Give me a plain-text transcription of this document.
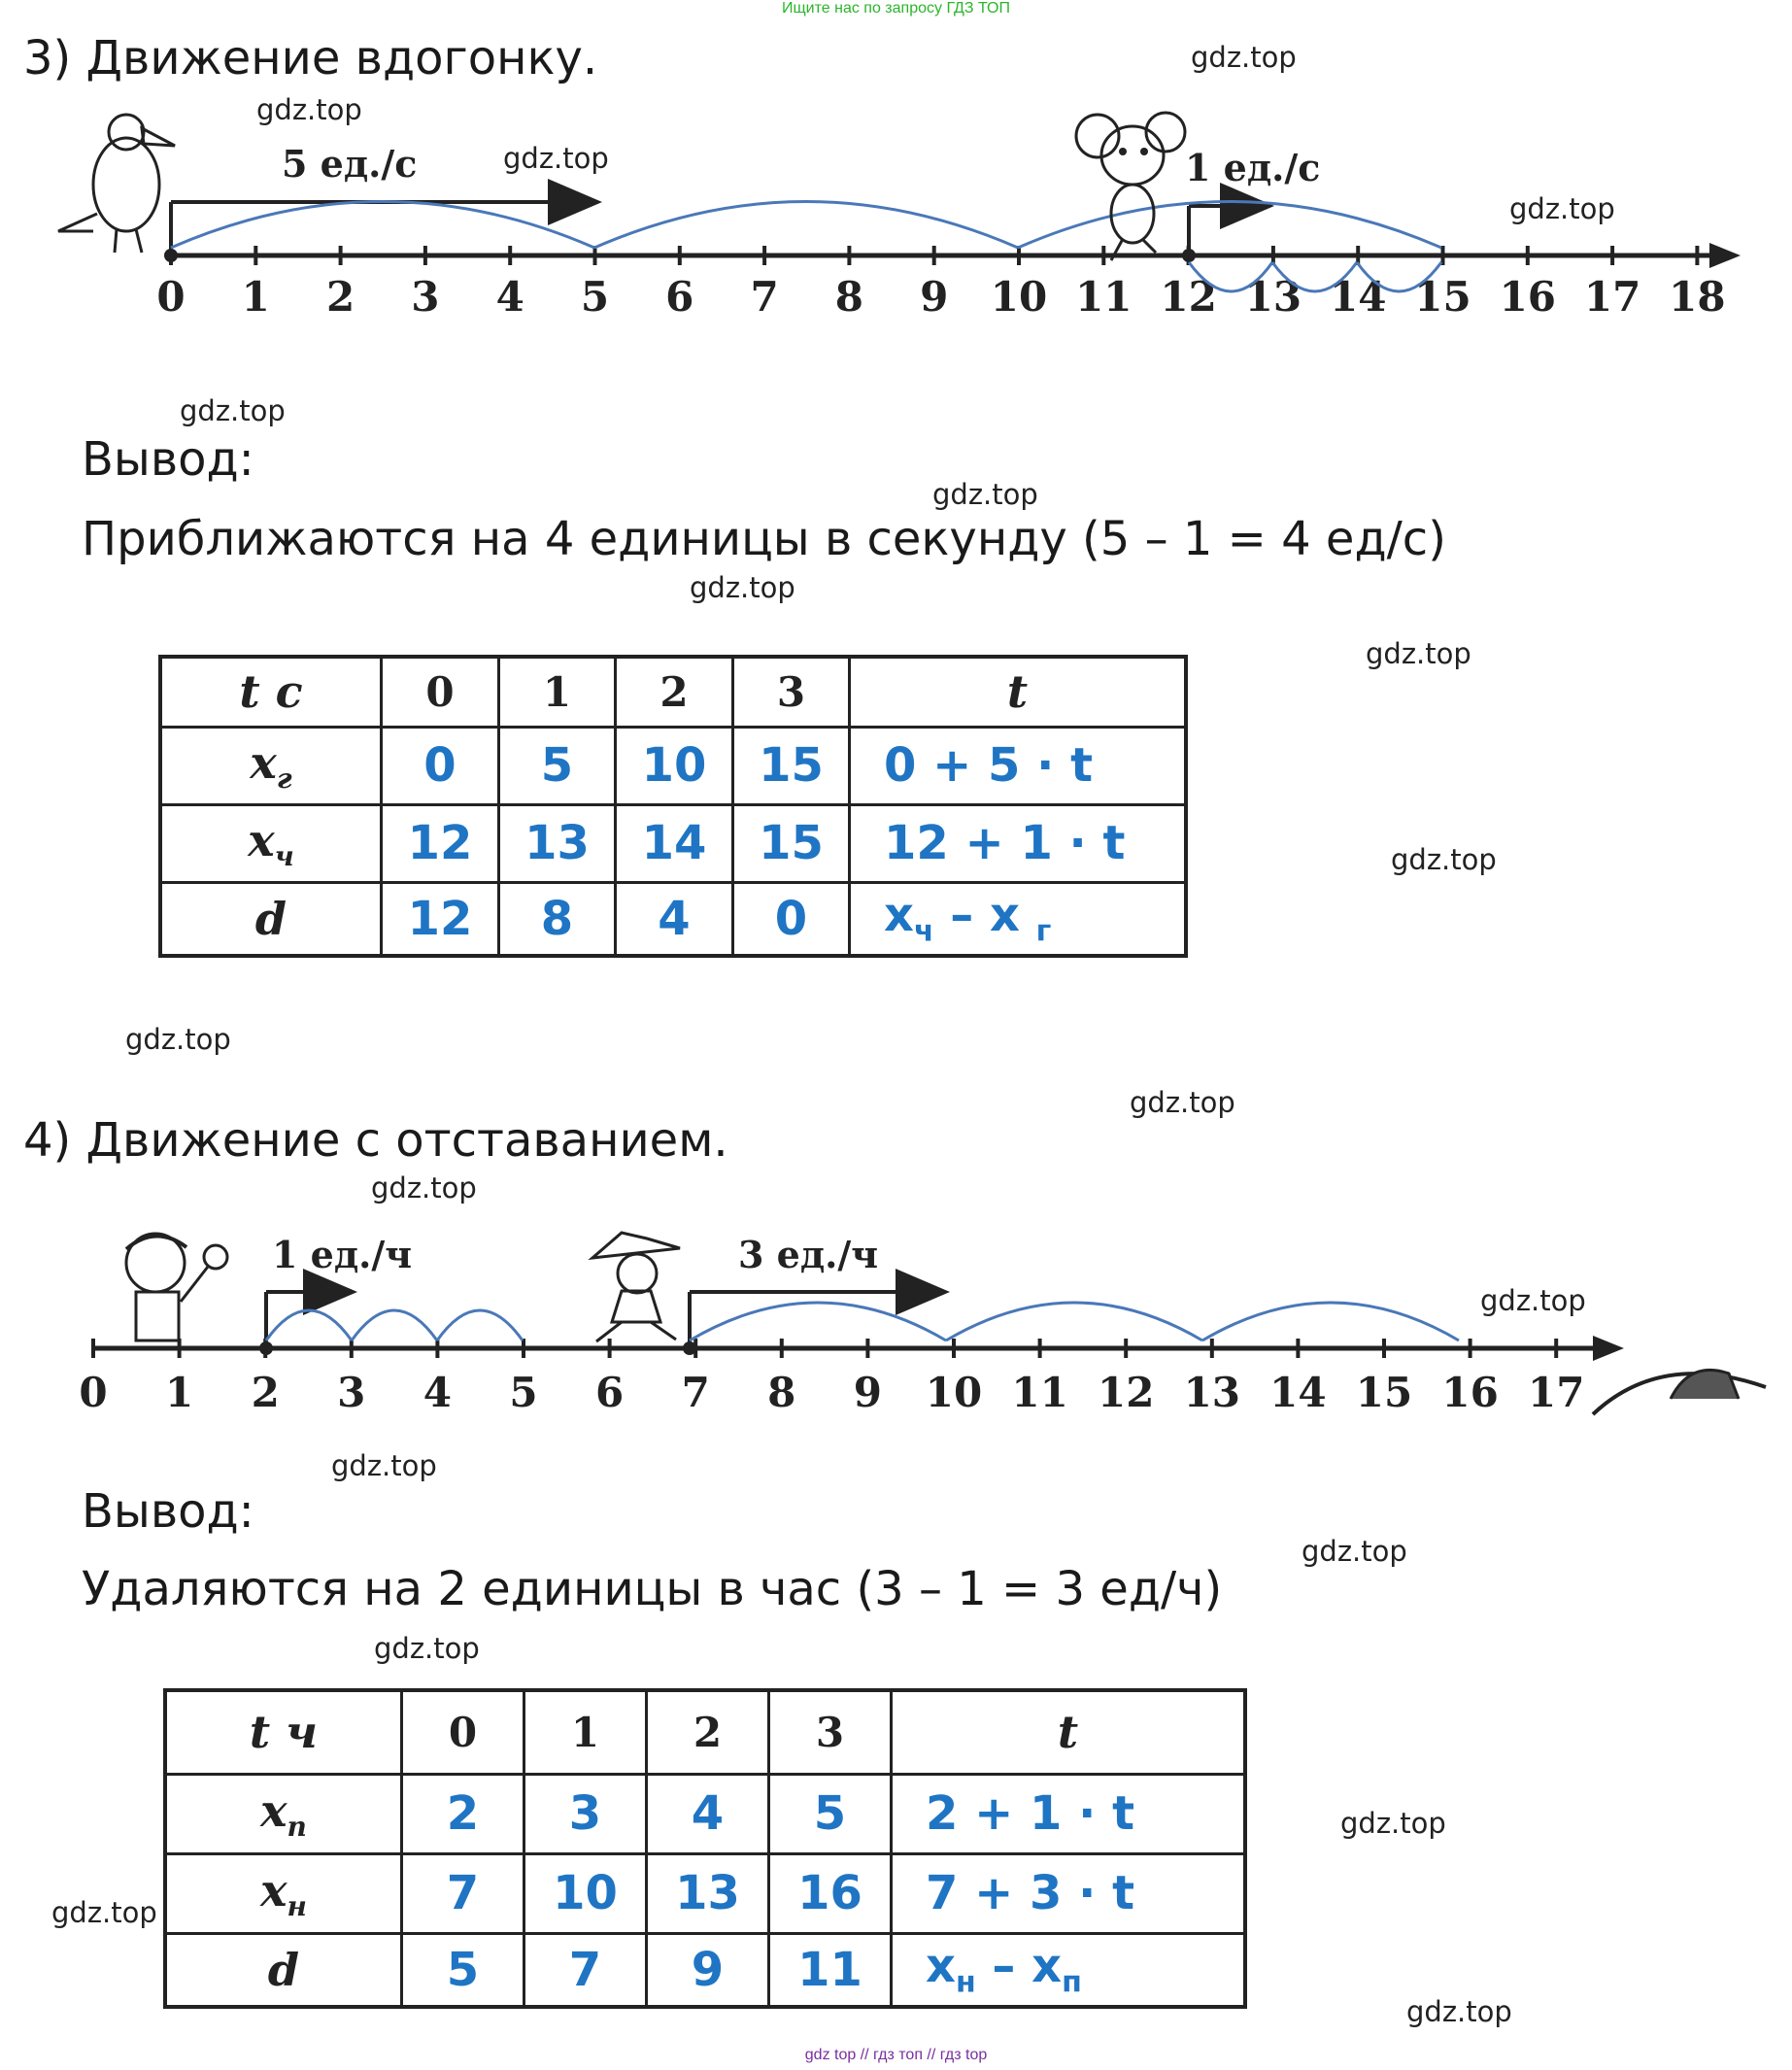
Ищите нас по запросу ГДЗ ТОП
gdz top // гдз топ // гдз top
gdz.top
gdz.top
gdz.top
gdz.top
gdz.top
gdz.top
gdz.top
gdz.top
gdz.top
gdz.top
gdz.top
gdz.top
gdz.top
gdz.top
gdz.top
gdz.top
gdz.top
gdz.top
gdz.top
3) Движение вдогонку.
0 1 2 3 4 5 6 7 8 9 10 11 12 13 14 15 16 17 18
5 ед./с	1 ед./с
0 1 2 3 4 5 6 7 8 9 10 11 12 13 14 15 16 17
1 ед./ч	3 ед./ч
Вывод:
Приближаются на 4 единицы в секунду (5 – 1 = 4 ед/с)
t с	0	1	2	3	t
$x_г$	0	5	10	15	0 + 5 · t
$x_ч$	12	13	14	15	12 + 1 · t
d	12	8	4	0	$x_ч$ – x $_г$
4) Движение с отставанием.
Вывод:
Удаляются на 2 единицы в час (3 – 1 = 3 ед/ч)
t ч	0	1	2	3	t
$x_п$	2	3	4	5	2 + 1 · t
$x_н$	7	10	13	16	7 + 3 · t
d	5	7	9	11	$x_н - x_п$
